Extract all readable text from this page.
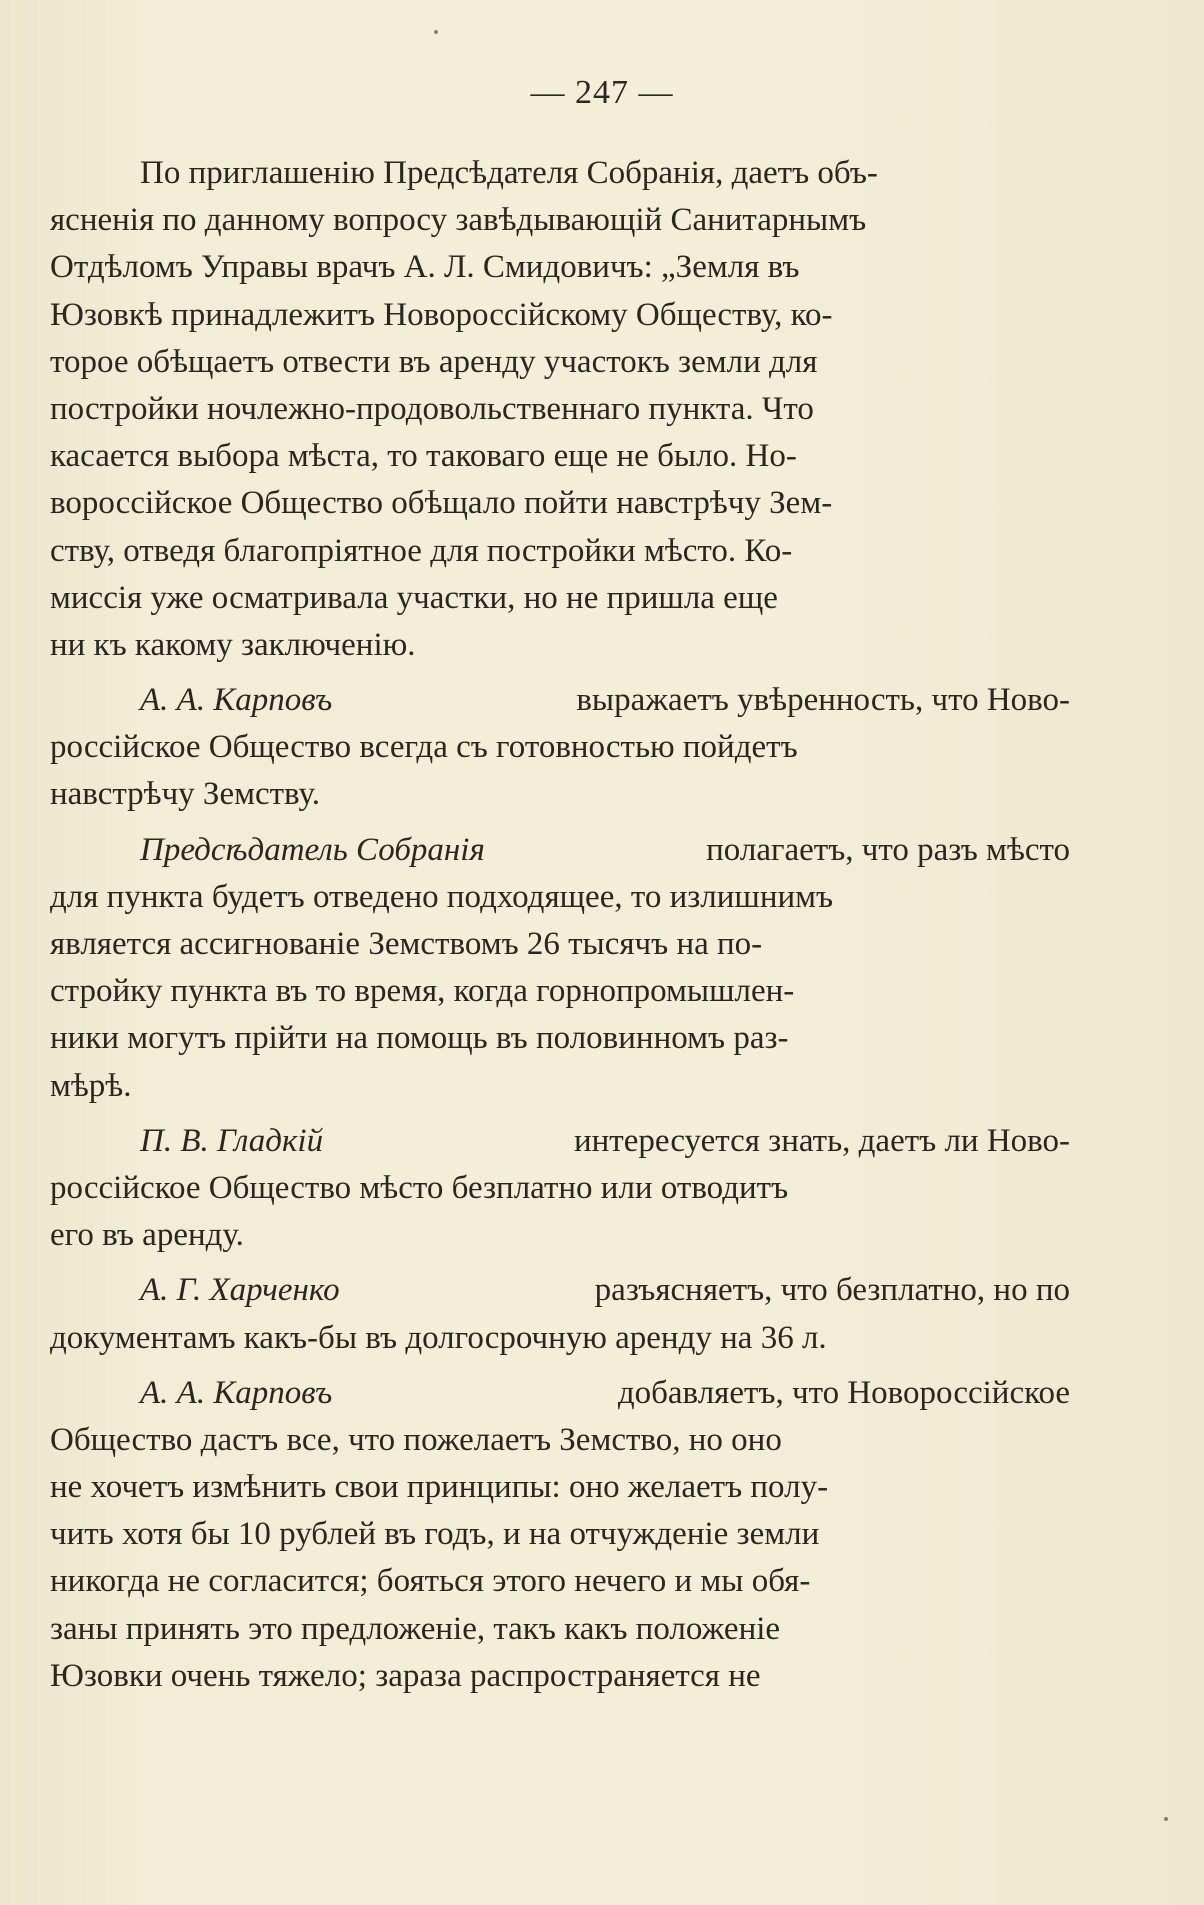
— 247 —
По приглашенію Предсѣдателя Собранія, даетъ объ-
ясненія по данному вопросу завѣдывающій Санитарнымъ
Отдѣломъ Управы врачъ А. Л. Смидовичъ: „Земля въ
Юзовкѣ принадлежитъ Новороссійскому Обществу, ко-
торое обѣщаетъ отвести въ аренду участокъ земли для
постройки ночлежно-продовольственнаго пункта. Что
касается выбора мѣста, то таковаго еще не было. Но-
вороссійское Общество обѣщало пойти навстрѣчу Зем-
ству, отведя благопріятное для постройки мѣсто. Ко-
миссія уже осматривала участки, но не пришла еще
ни къ какому заключенію.
А. А. Карповъ	выражаетъ увѣренность, что Ново-
россійское Общество всегда съ готовностью пойдетъ
навстрѣчу Земству.
Предсѣдатель Собранія	полагаетъ, что разъ мѣсто
для пункта будетъ отведено подходящее, то излишнимъ
является ассигнованіе Земствомъ 26 тысячъ на по-
стройку пункта въ то время, когда горнопромышлен-
ники могутъ прійти на помощь въ половинномъ раз-
мѣрѣ.
П. В. Гладкій	интересуется знать, даетъ ли Ново-
россійское Общество мѣсто безплатно или отводитъ
его въ аренду.
А. Г. Харченко	разъясняетъ, что безплатно, но по
документамъ какъ-бы въ долгосрочную аренду на 36 л.
А. А. Карповъ	добавляетъ, что Новороссійское
Общество дастъ все, что пожелаетъ Земство, но оно
не хочетъ измѣнить свои принципы: оно желаетъ полу-
чить хотя бы 10 рублей въ годъ, и на отчужденіе земли
никогда не согласится; бояться этого нечего и мы обя-
заны принять это предложеніе, такъ какъ положеніе
Юзовки очень тяжело; зараза распространяется не
